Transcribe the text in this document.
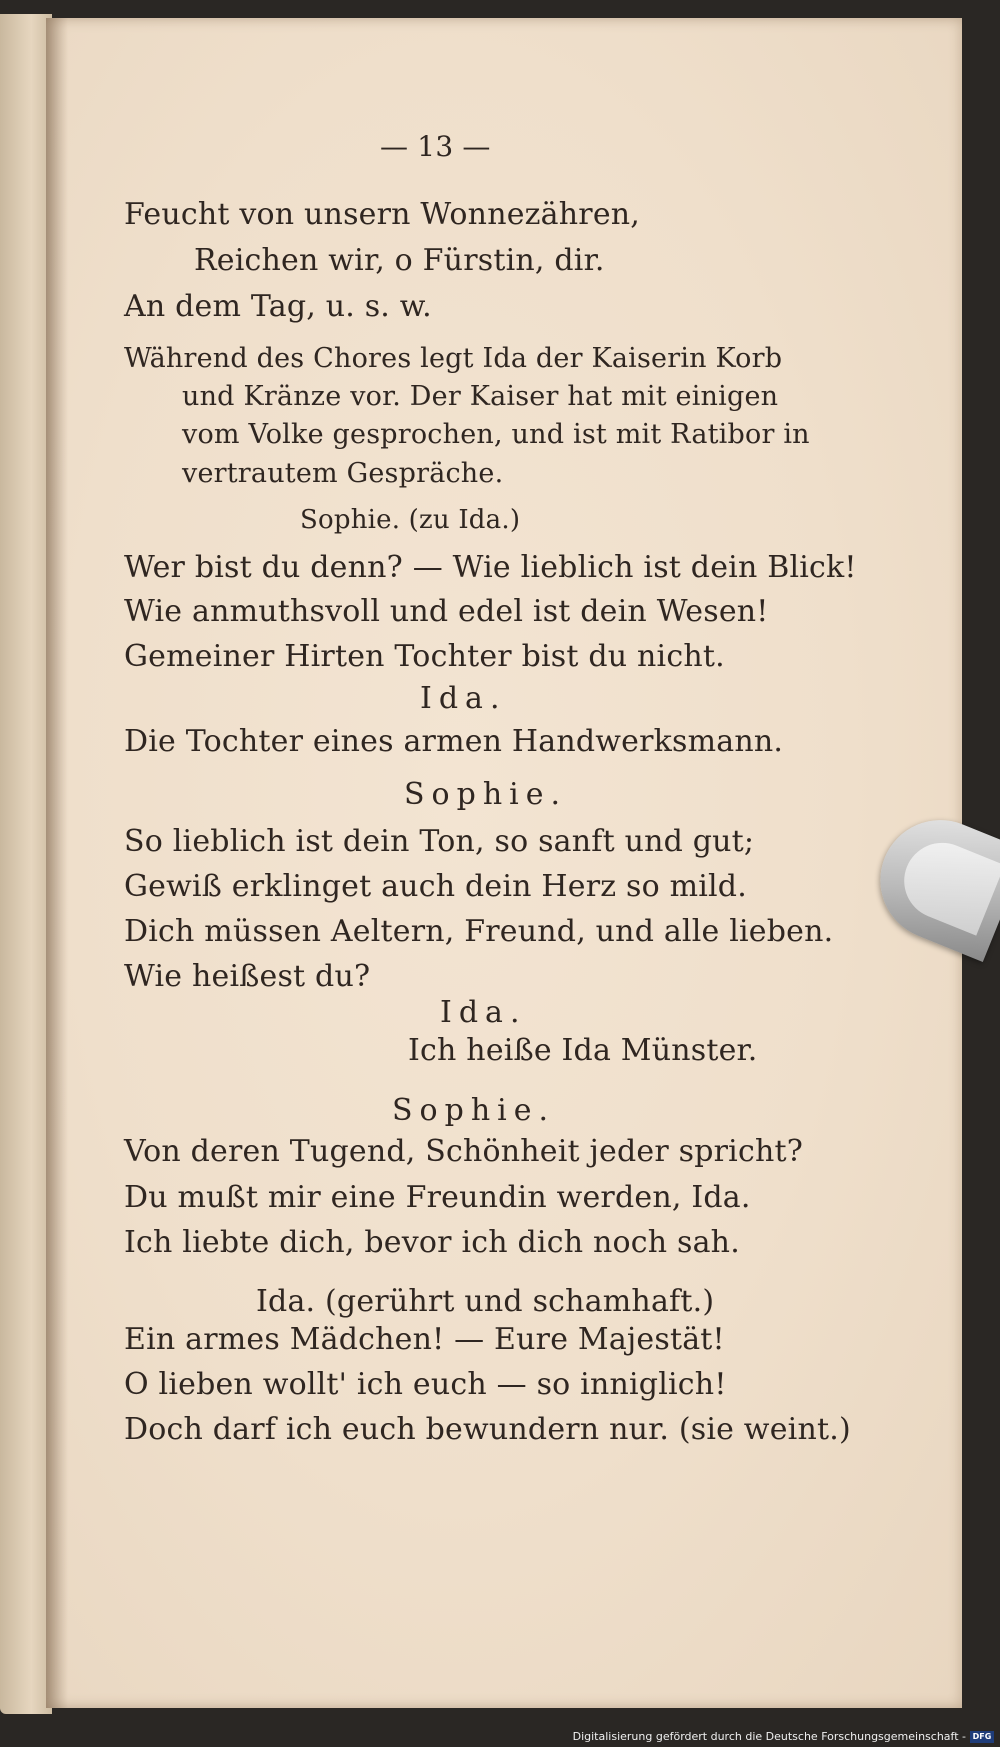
— 13 —
Feucht von unsern Wonnezähren,
Reichen wir, o Fürstin, dir.
An dem Tag, u. s. w.
Während des Chores legt Ida der Kaiserin Korb
und Kränze vor. Der Kaiser hat mit einigen
vom Volke gesprochen, und ist mit Ratibor in
vertrautem Gespräche.
Sophie. (zu Ida.)
Wer bist du denn? — Wie lieblich ist dein Blick!
Wie anmuthsvoll und edel ist dein Wesen!
Gemeiner Hirten Tochter bist du nicht.
Ida.
Die Tochter eines armen Handwerksmann.
Sophie.
So lieblich ist dein Ton, so sanft und gut;
Gewiß erklinget auch dein Herz so mild.
Dich müssen Aeltern, Freund, und alle lieben.
Wie heißest du?
Ida.
Ich heiße Ida Münster.
Sophie.
Von deren Tugend, Schönheit jeder spricht?
Du mußt mir eine Freundin werden, Ida.
Ich liebte dich, bevor ich dich noch sah.
Ida. (gerührt und schamhaft.)
Ein armes Mädchen! — Eure Majestät!
O lieben wollt' ich euch — so inniglich!
Doch darf ich euch bewundern nur. (sie weint.)
Digitalisierung gefördert durch die Deutsche Forschungsgemeinschaft - DFG
